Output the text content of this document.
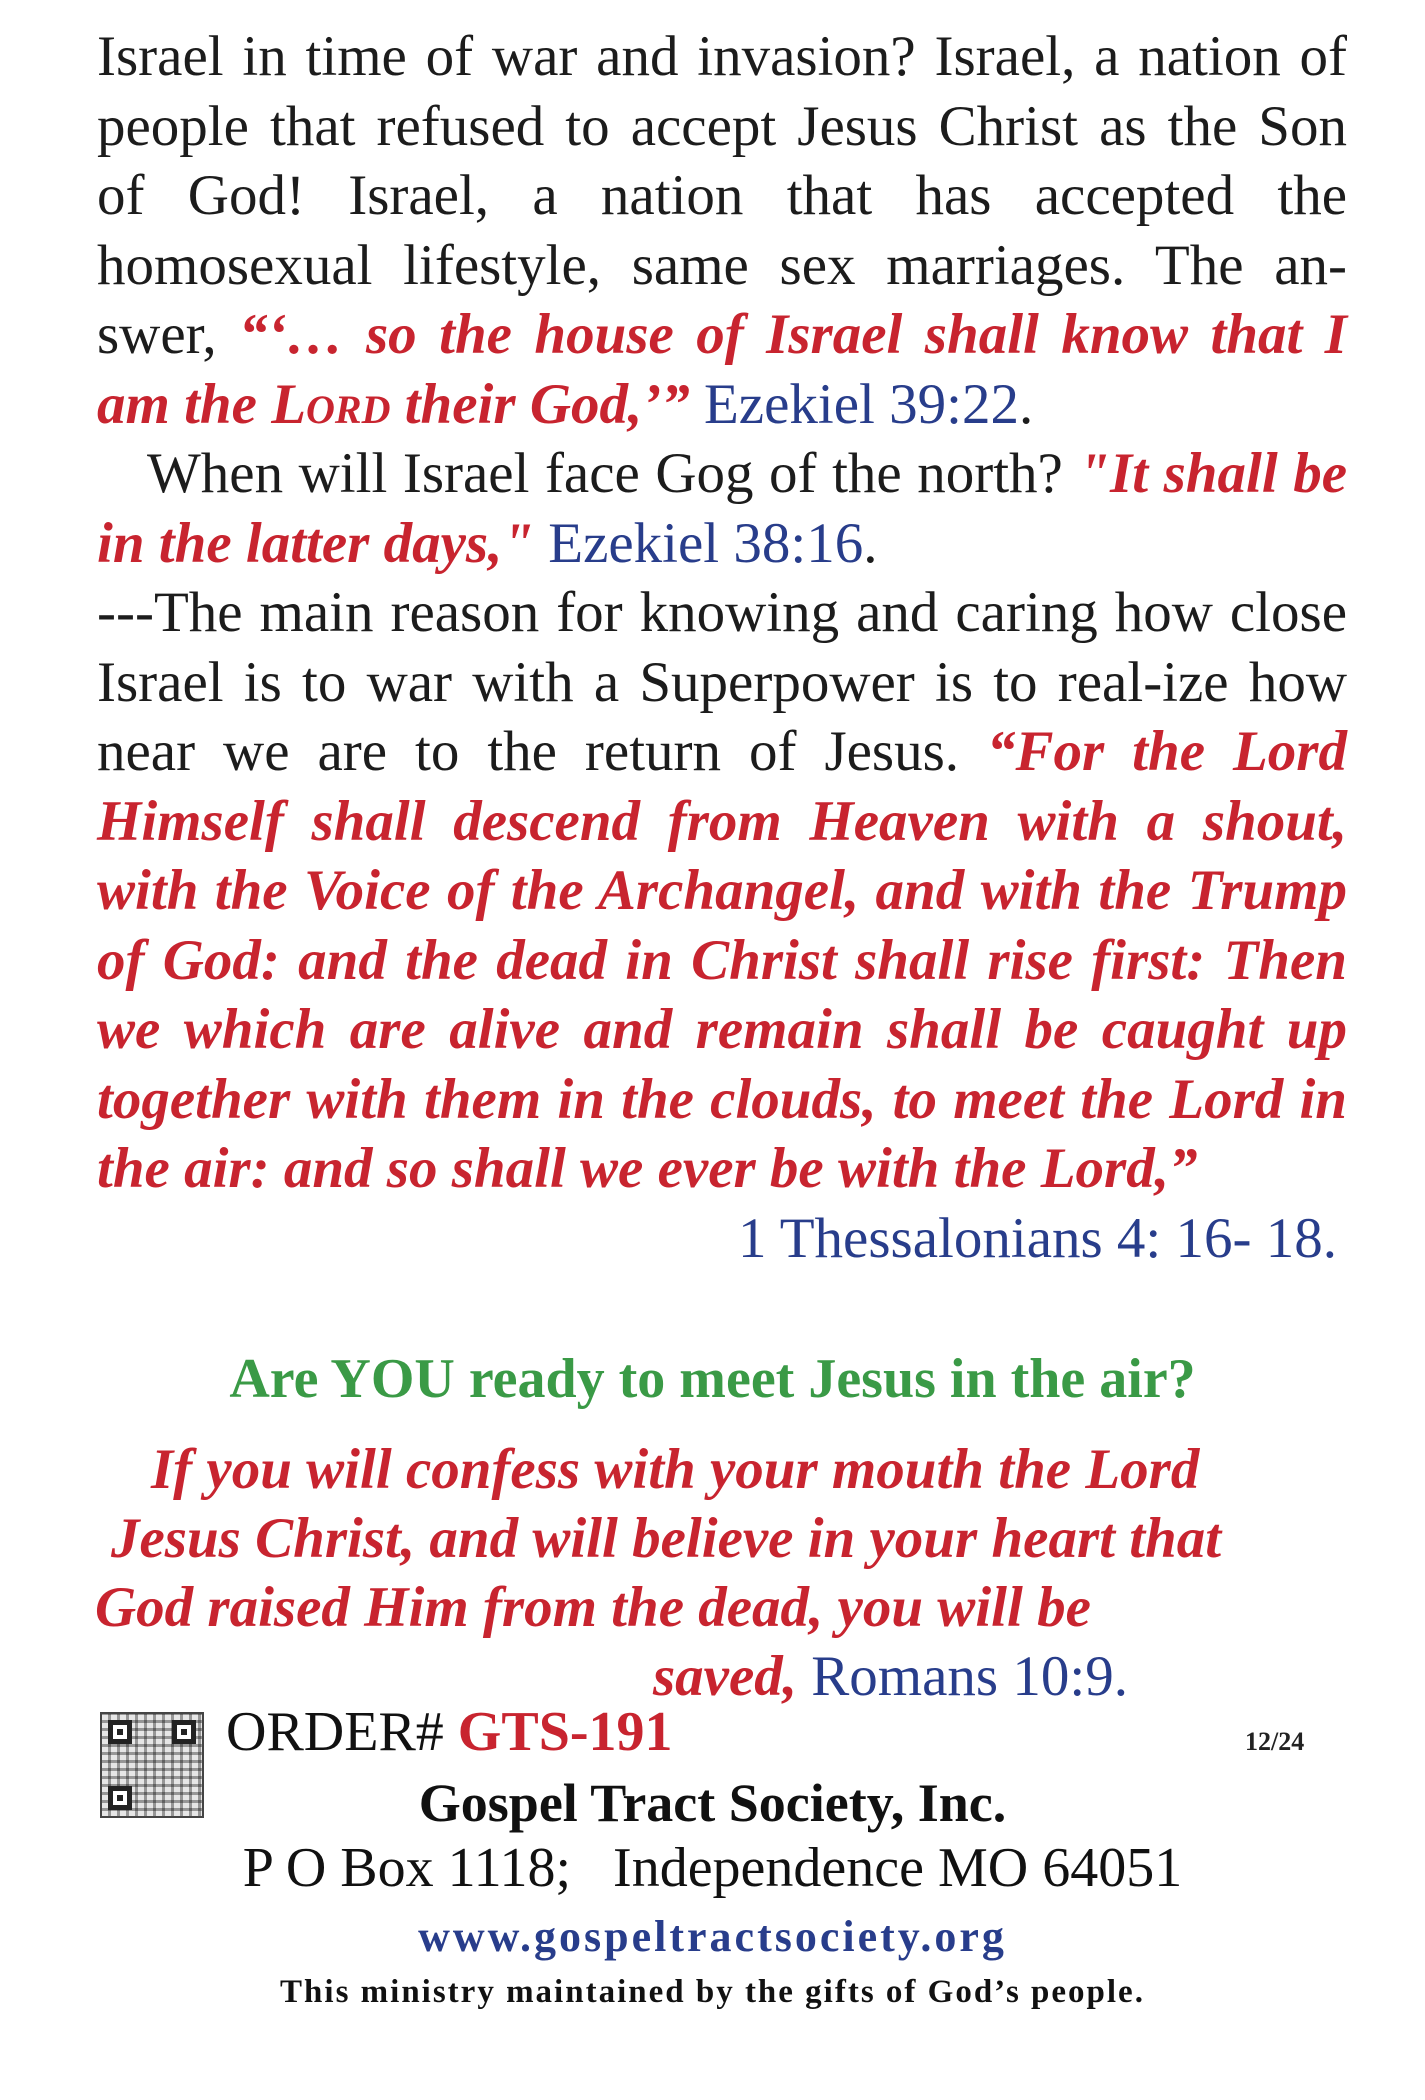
Israel in time of war and invasion? Israel, a nation of people that refused to accept Jesus Christ as the Son of God! Israel, a nation that has accepted the homosexual lifestyle, same sex marriages. The an-swer, “‘… so the house of Israel shall know that I am the Lord their God,’” Ezekiel 39:22.

When will Israel face Gog of the north? "It shall be in the latter days," Ezekiel 38:16.

---The main reason for knowing and caring how close Israel is to war with a Superpower is to real-ize how near we are to the return of Jesus. “For the Lord Himself shall descend from Heaven with a shout, with the Voice of the Archangel, and with the Trump of God: and the dead in Christ shall rise first: Then we which are alive and remain shall be caught up together with them in the clouds, to meet the Lord in the air: and so shall we ever be with the Lord,”

1 Thessalonians 4: 16- 18.

Are YOU ready to meet Jesus in the air?
If you will confess with your mouth the Lord
Jesus Christ, and will believe in your heart that
God raised Him from the dead, you will be
saved, Romans 10:9.
ORDER# GTS-191	12/24
Gospel Tract Society, Inc.
P O Box 1118;   Independence MO 64051
www.gospeltractsociety.org
This ministry maintained by the gifts of God’s people.
